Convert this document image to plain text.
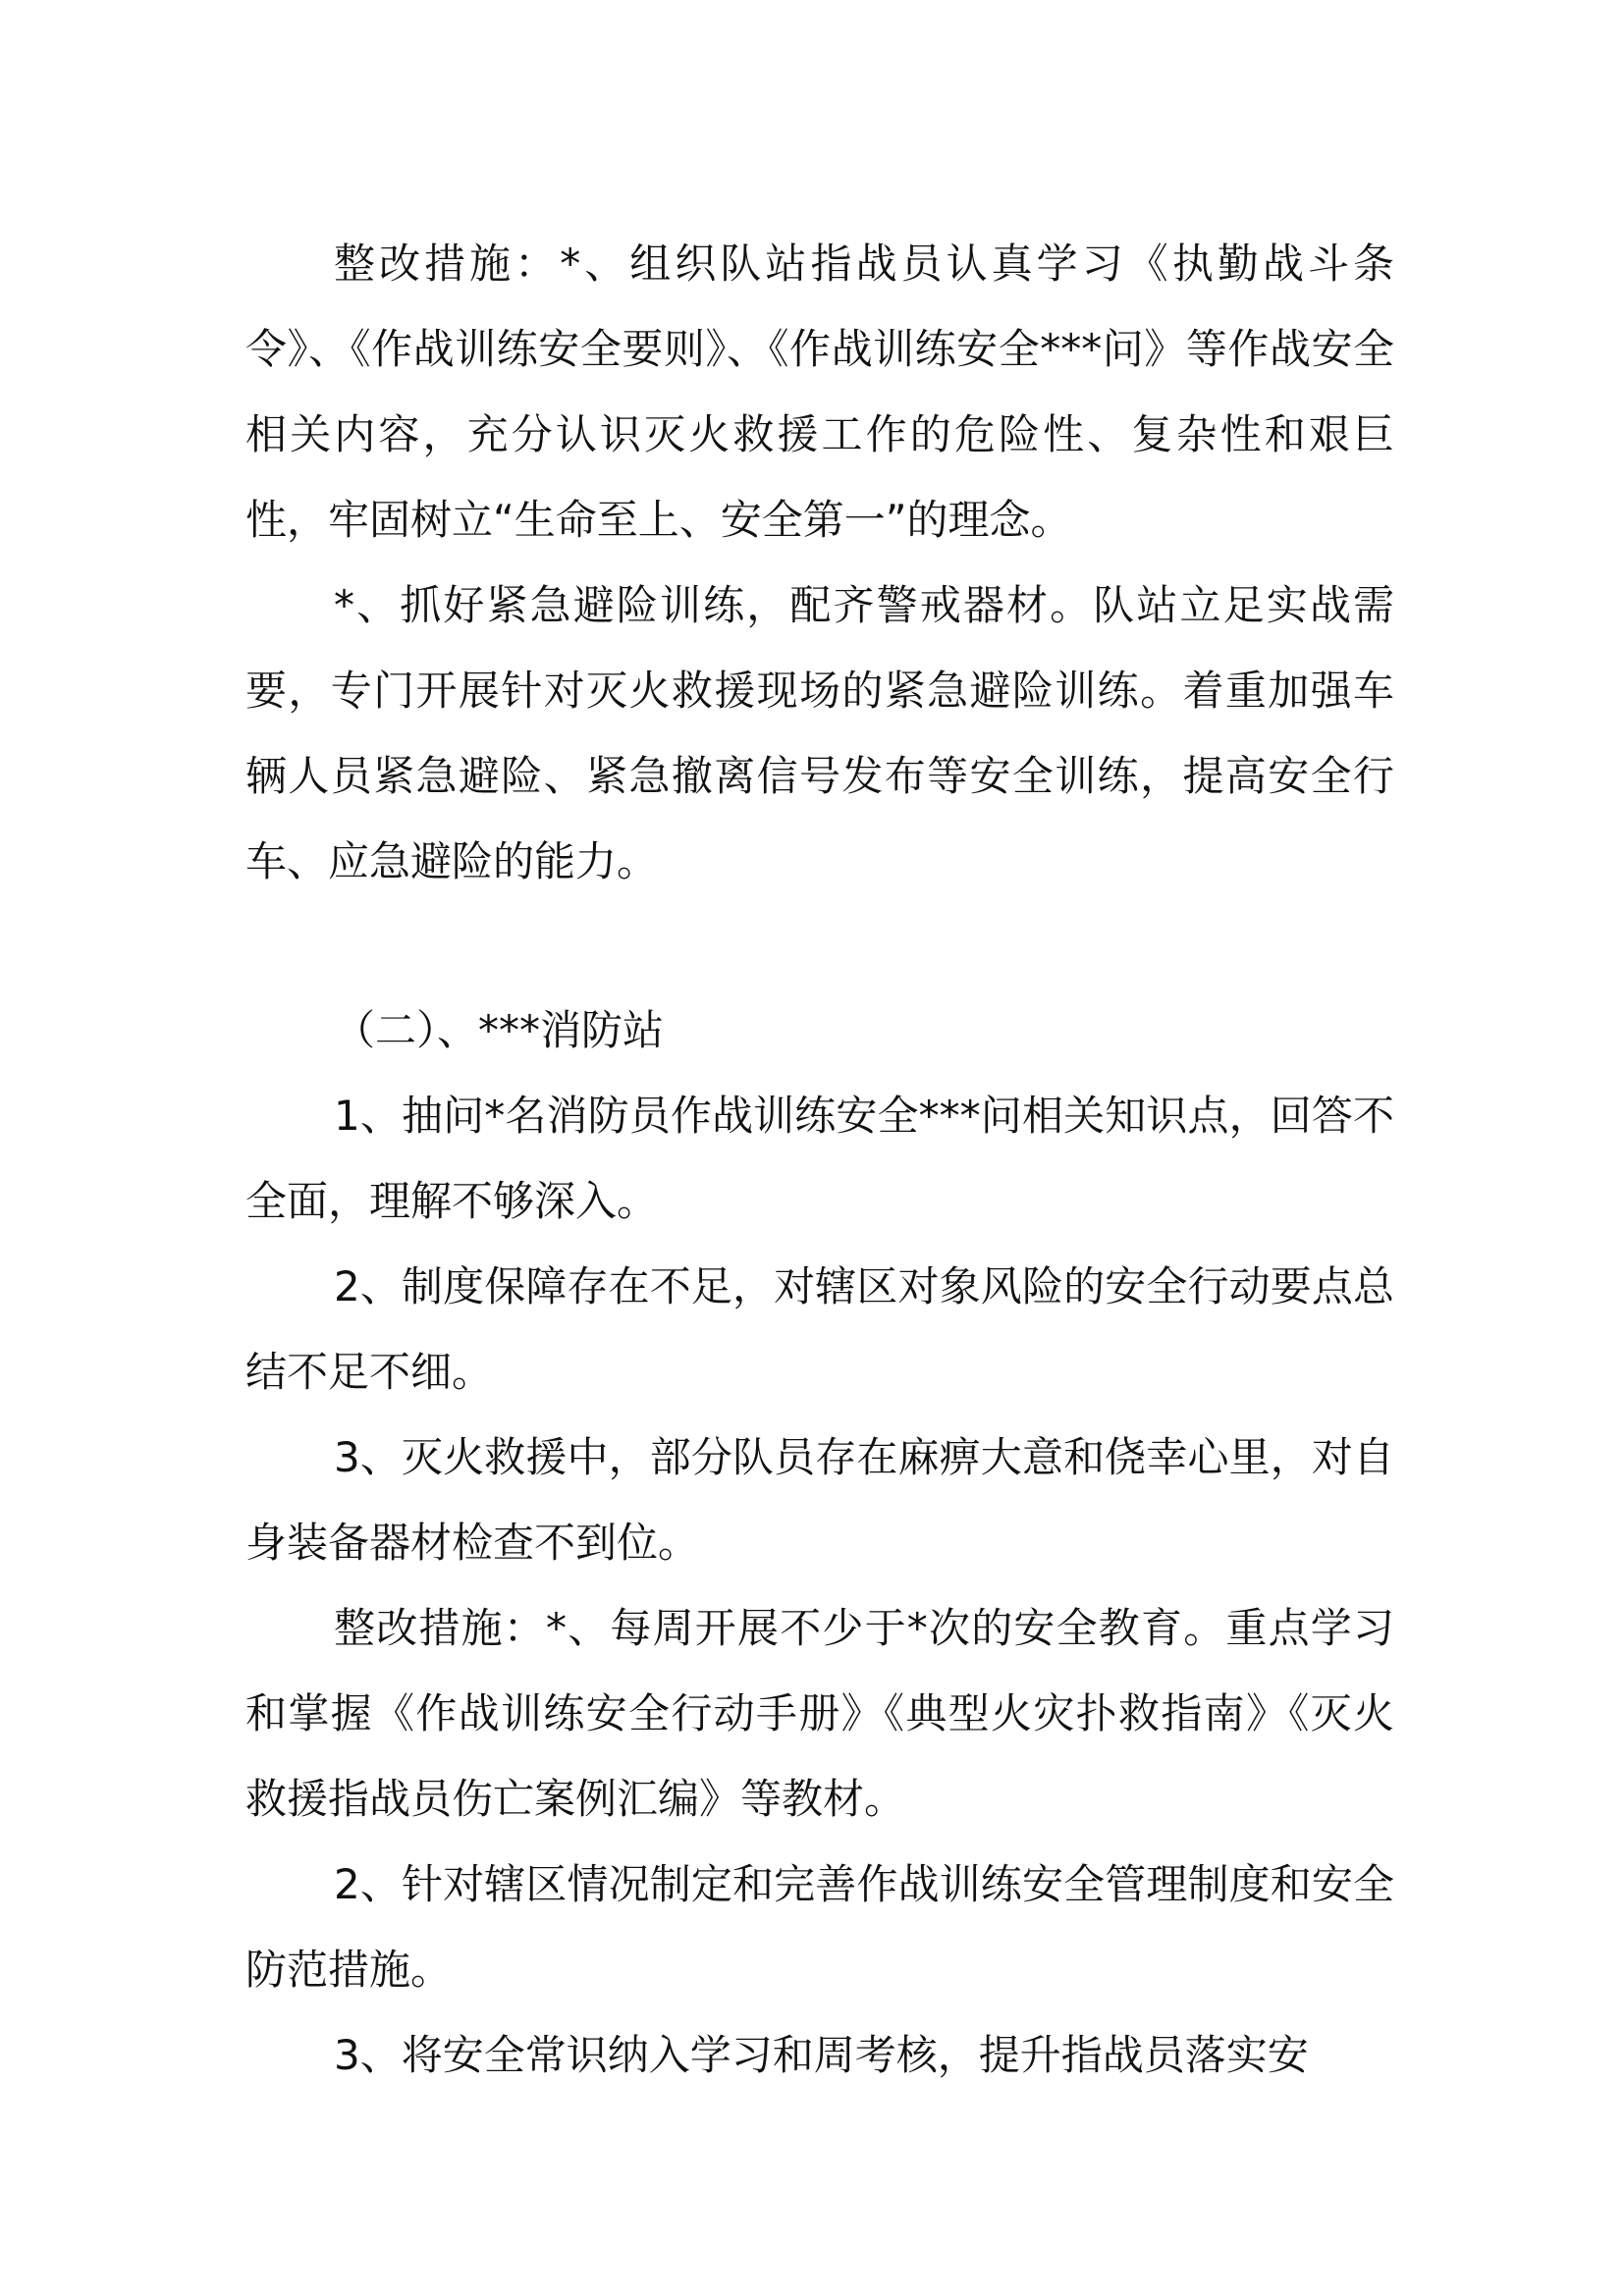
整改措施：*、组织队站指战员认真学习《执勤战斗条令》、《作战训练安全要则》、《作战训练安全***问》等作战安全相关内容，充分认识灭火救援工作的危险性、复杂性和艰巨性，牢固树立“生命至上、安全第一”的理念。

*、抓好紧急避险训练，配齐警戒器材。队站立足实战需要，专门开展针对灭火救援现场的紧急避险训练。着重加强车辆人员紧急避险、紧急撤离信号发布等安全训练，提高安全行车、应急避险的能力。

（二）、***消防站

1、抽问*名消防员作战训练安全***问相关知识点，回答不全面，理解不够深入。

2、制度保障存在不足，对辖区对象风险的安全行动要点总结不足不细。

3、灭火救援中，部分队员存在麻痹大意和侥幸心里，对自身装备器材检查不到位。

整改措施：*、每周开展不少于*次的安全教育。重点学习和掌握《作战训练安全行动手册》《典型火灾扑救指南》《灭火救援指战员伤亡案例汇编》等教材。

2、针对辖区情况制定和完善作战训练安全管理制度和安全防范措施。

3、将安全常识纳入学习和周考核，提升指战员落实安
